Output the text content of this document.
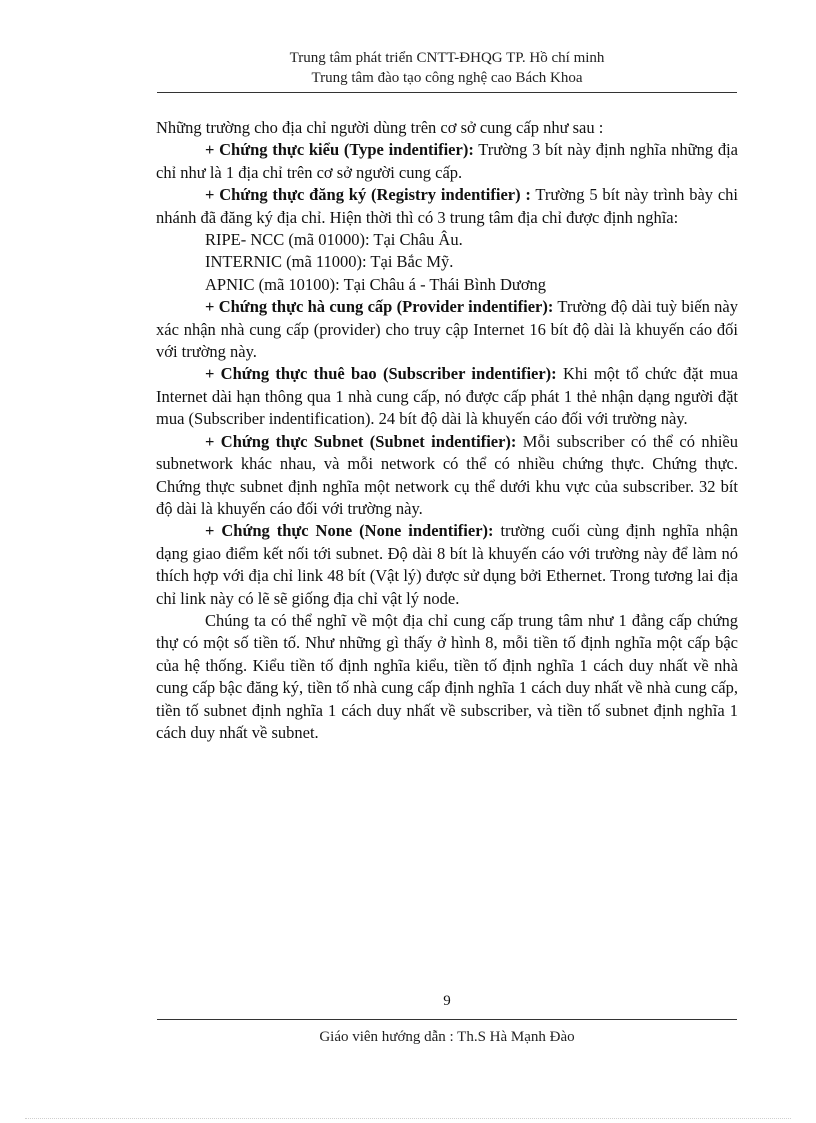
Trung tâm phát triển CNTT-ĐHQG TP. Hồ chí minh
Trung tâm đào tạo công nghệ cao Bách Khoa

Những trường cho địa chỉ người dùng trên cơ sở cung cấp như sau :

+ Chứng thực kiểu (Type indentifier): Trường 3 bít này định nghĩa những địa chỉ như là 1 địa chỉ trên cơ sở người cung cấp.

+ Chứng thực đăng ký (Registry indentifier) : Trường 5 bít này trình bày chi nhánh đã đăng ký địa chỉ. Hiện thời thì có 3 trung tâm địa chỉ được định nghĩa:

RIPE- NCC (mã 01000): Tại Châu Âu.

INTERNIC (mã 11000): Tại Bắc Mỹ.

APNIC (mã 10100): Tại Châu á - Thái Bình Dương

+ Chứng thực hà cung cấp (Provider indentifier): Trường độ dài tuỳ biến này xác nhận nhà cung cấp (provider) cho truy cập Internet 16 bít độ dài là khuyến cáo đối với trường này.

+ Chứng thực thuê bao (Subscriber indentifier): Khi một tổ chức đặt mua Internet dài hạn thông qua 1 nhà cung cấp, nó được cấp phát 1 thẻ nhận dạng người đặt mua (Subscriber indentification). 24 bít độ dài là khuyến cáo đối với trường này.

+ Chứng thực Subnet (Subnet indentifier): Mỗi subscriber có thể có nhiều subnetwork khác nhau, và mỗi network có thể có nhiều chứng thực. Chứng thực. Chứng thực subnet định nghĩa một network cụ thể dưới khu vực của subscriber. 32 bít độ dài là khuyến cáo đối với trường này.

+ Chứng thực None (None indentifier): trường cuối cùng định nghĩa nhận dạng giao điểm kết nối tới subnet. Độ dài 8 bít là khuyến cáo với trường này để làm nó thích hợp với địa chỉ link 48 bít (Vật lý) được sử dụng bởi Ethernet. Trong tương lai địa chỉ link này có lẽ sẽ giống địa chỉ vật lý node.

Chúng ta có thể nghĩ về một địa chỉ cung cấp trung tâm như 1 đẳng cấp chứng thự có một số tiền tố. Như những gì thấy ở hình 8, mỗi tiền tố định nghĩa một cấp bậc của hệ thống. Kiểu tiền tố định nghĩa kiểu, tiền tố định nghĩa 1 cách duy nhất về nhà cung cấp bậc đăng ký, tiền tố nhà cung cấp định nghĩa 1 cách duy nhất về nhà cung cấp, tiền tố subnet định nghĩa 1 cách duy nhất về subscriber, và tiền tố subnet định nghĩa 1 cách duy nhất về subnet.

9
Giáo viên hướng dẫn : Th.S Hà Mạnh Đào
